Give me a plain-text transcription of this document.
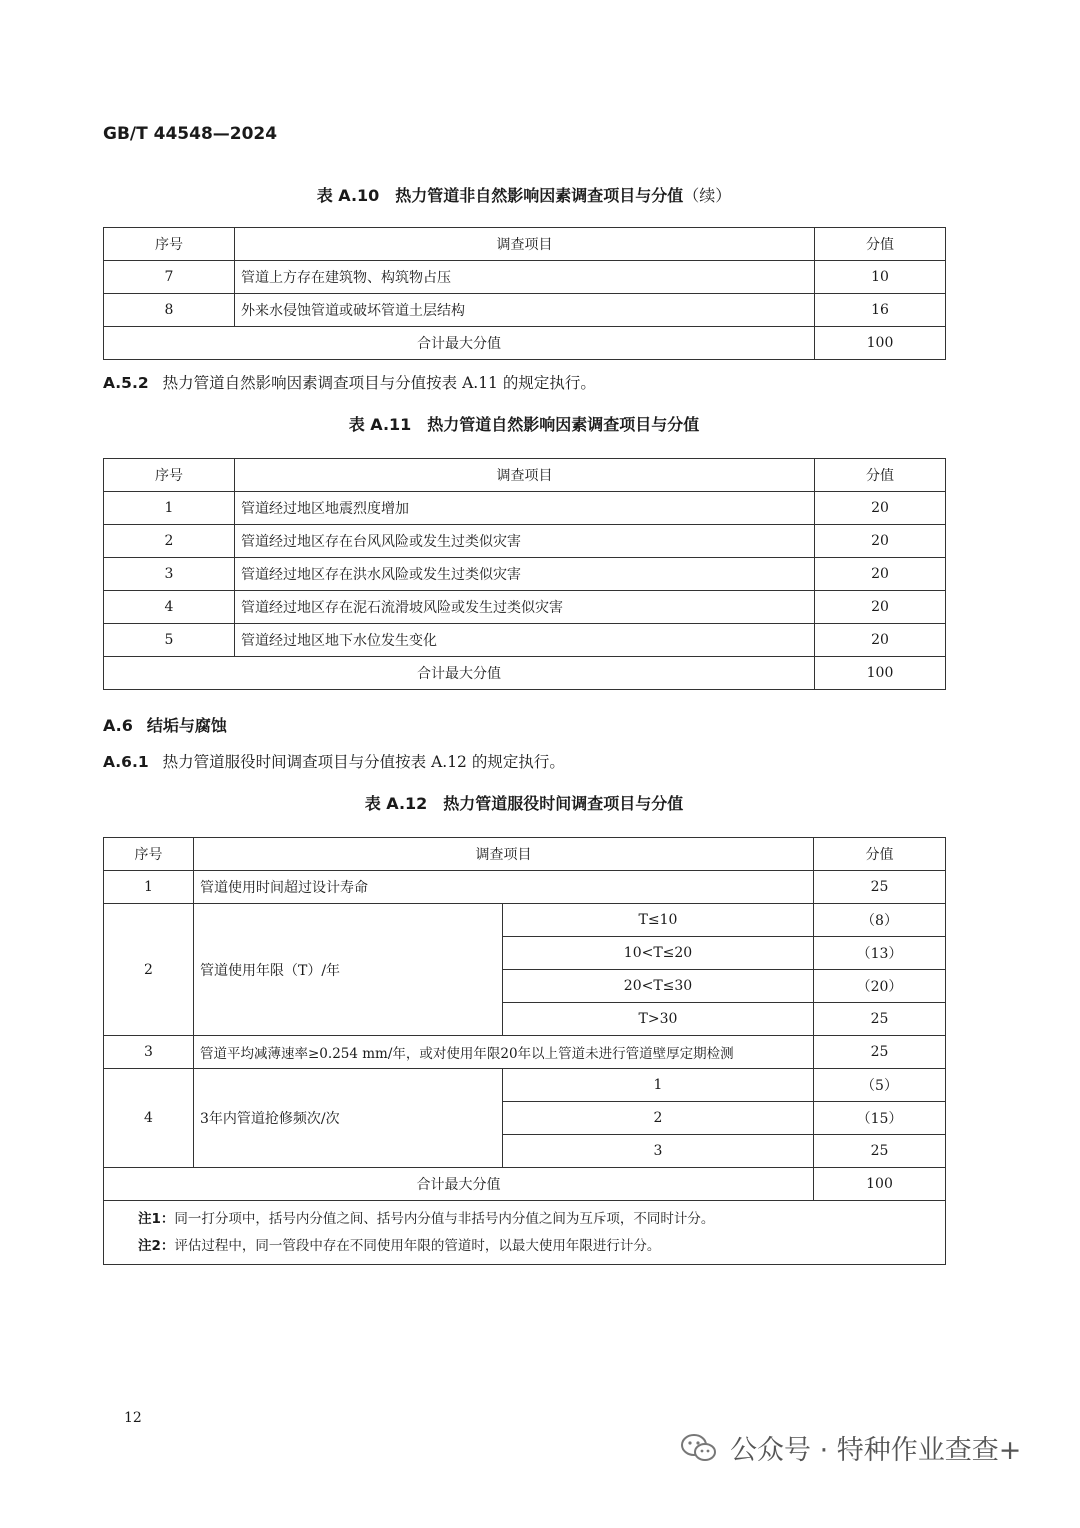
GB/T 44548—2024
表 A.10　热力管道非自然影响因素调查项目与分值（续）
序号	调查项目	分值
7	管道上方存在建筑物、构筑物占压	10
8	外来水侵蚀管道或破坏管道土层结构	16
合计最大分值		100
A.5.2 热力管道自然影响因素调查项目与分值按表 A.11 的规定执行。
表 A.11　热力管道自然影响因素调查项目与分值
序号	调查项目	分值
1	管道经过地区地震烈度增加	20
2	管道经过地区存在台风风险或发生过类似灾害	20
3	管道经过地区存在洪水风险或发生过类似灾害	20
4	管道经过地区存在泥石流滑坡风险或发生过类似灾害	20
5	管道经过地区地下水位发生变化	20
合计最大分值		100
A.6 结垢与腐蚀
A.6.1 热力管道服役时间调查项目与分值按表 A.12 的规定执行。
表 A.12　热力管道服役时间调查项目与分值
序号	调查项目		分值
1	管道使用时间超过设计寿命		25
2	管道使用年限（T）/年	T≤10	（8）
		10<T≤20	（13）
		20<T≤30	（20）
		T>30	25
3	管道平均减薄速率≥0.254 mm/年，或对使用年限20年以上管道未进行管道壁厚定期检测		25
4	3年内管道抢修频次/次	1	（5）
		2	（15）
		3	25
合计最大分值			100

注1：同一打分项中，括号内分值之间、括号内分值与非括号内分值之间为互斥项，不同时计分。
注2：评估过程中，同一管段中存在不同使用年限的管道时，以最大使用年限进行计分。			
12
公众号 · 特种作业查查+
